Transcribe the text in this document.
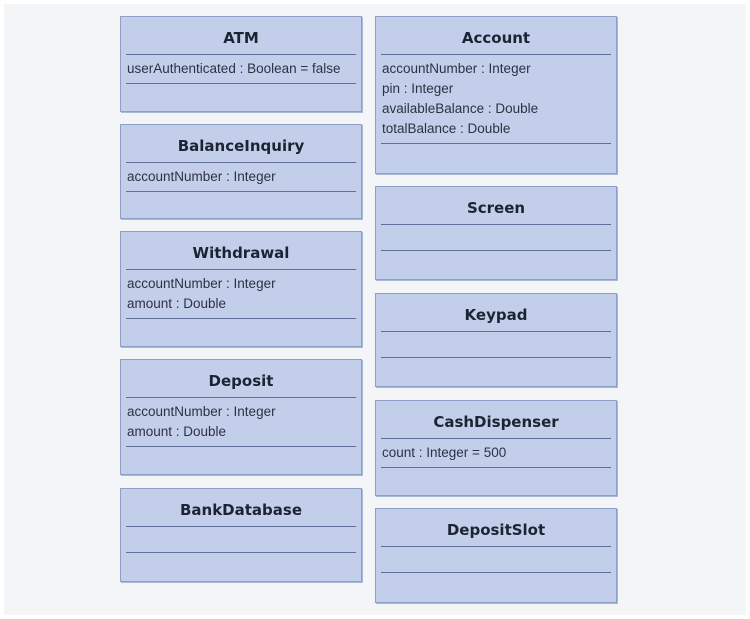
ATM
userAuthenticated : Boolean = false
BalanceInquiry
accountNumber : Integer
Withdrawal
accountNumber : Integer
amount : Double
Deposit
accountNumber : Integer
amount : Double
BankDatabase
Account
accountNumber : Integer
pin : Integer
availableBalance : Double
totalBalance : Double
Screen
Keypad
CashDispenser
count : Integer = 500
DepositSlot
